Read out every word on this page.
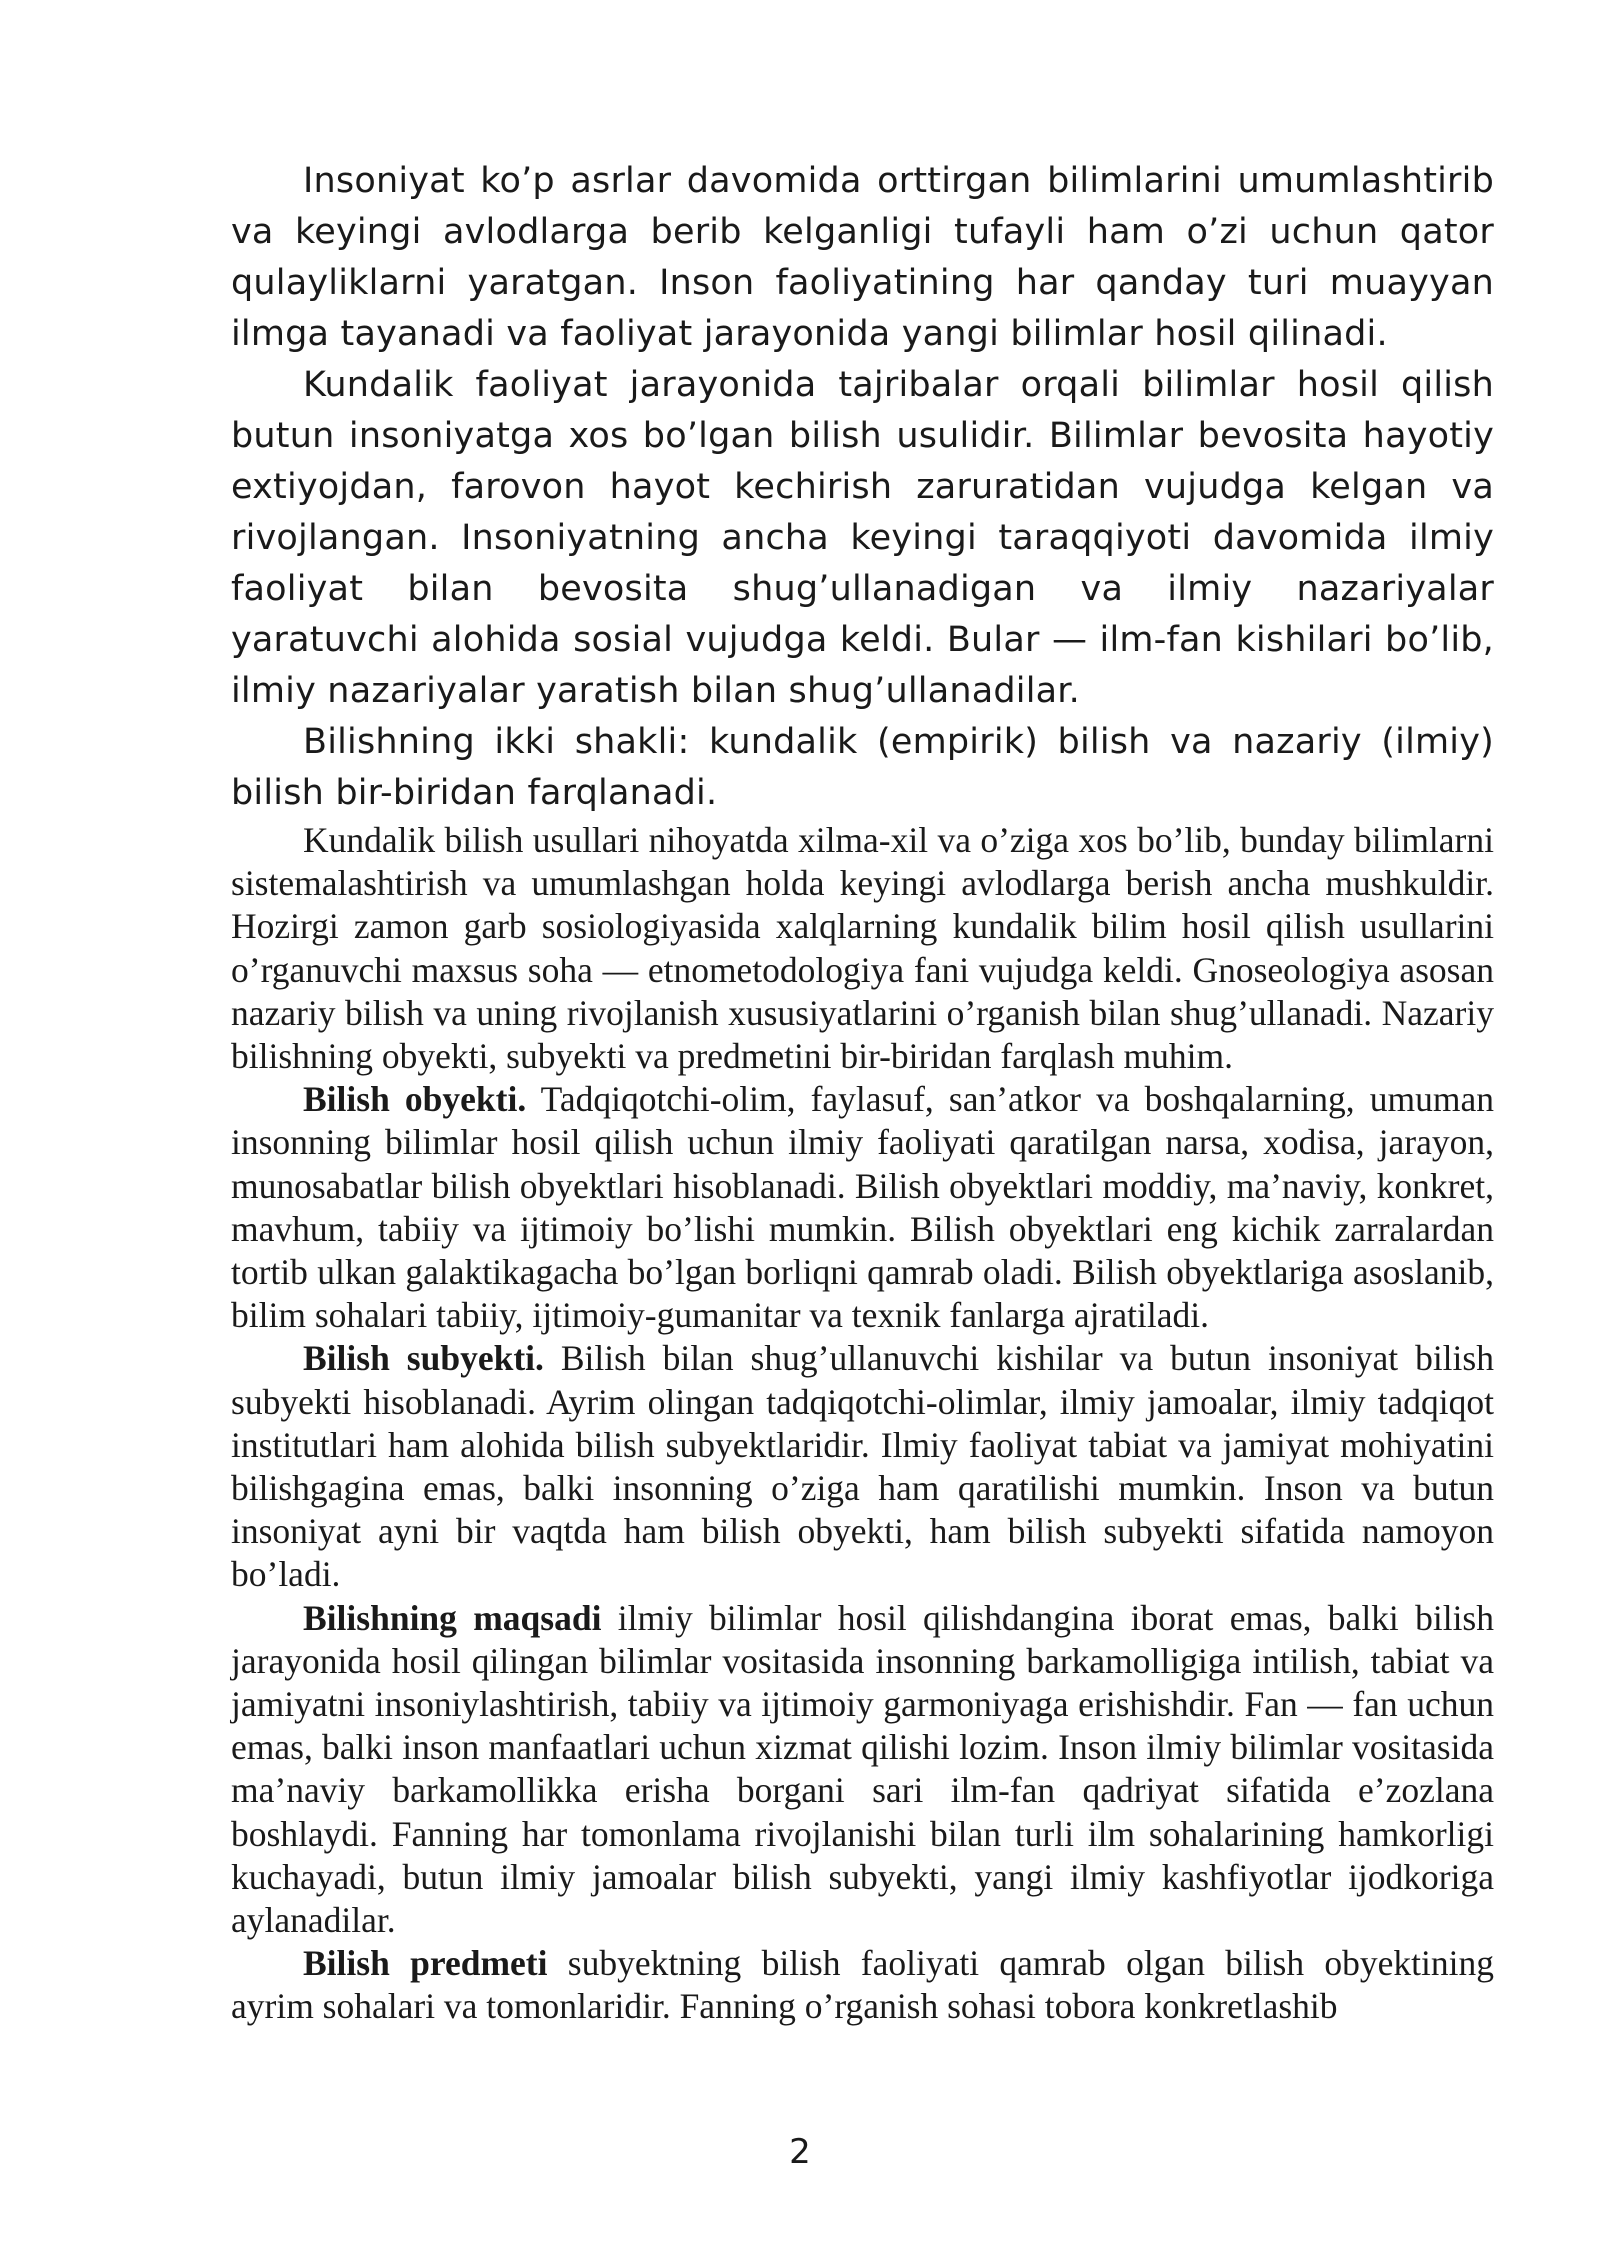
Insoniyat ko’p asrlar davomida orttirgan bilimlarini umumlashtirib va keyingi avlodlarga berib kelganligi tufayli ham o’zi uchun qator qulayliklarni yaratgan. Inson faoliyatining har qanday turi muayyan ilmga tayanadi va faoliyat jarayonida yangi bilimlar hosil qilinadi.

Kundalik faoliyat jarayonida tajribalar orqali bilimlar hosil qilish butun insoniyatga xos bo’lgan bilish usulidir. Bilimlar bevosita hayotiy extiyojdan, farovon hayot kechirish zaruratidan vujudga kelgan va rivojlangan. Insoniyatning ancha keyingi taraqqiyoti davomida ilmiy faoliyat bilan bevosita shug’ullanadigan va ilmiy nazariyalar yaratuvchi alohida sosial vujudga keldi. Bular — ilm-fan kishilari bo’lib, ilmiy nazariyalar yaratish bilan shug’ullanadilar.

Bilishning ikki shakli: kundalik (empirik) bilish va nazariy (ilmiy) bilish bir-biridan farqlanadi.

Kundalik bilish usullari nihoyatda xilma-xil va o’ziga xos bo’lib, bunday bilimlarni sistemalashtirish va umumlashgan holda keyingi avlodlarga berish ancha mushkuldir. Hozirgi zamon garb sosiologiyasida xalqlarning kundalik bilim hosil qilish usullarini o’rganuvchi maxsus soha — etnometodologiya fani vujudga keldi. Gnoseologiya asosan nazariy bilish va uning rivojlanish xususiyatlarini o’rganish bilan shug’ullanadi. Nazariy bilishning obyekti, subyekti va predmetini bir-biridan farqlash muhim.

Bilish obyekti. Tadqiqotchi-olim, faylasuf, san’atkor va boshqalarning, umuman insonning bilimlar hosil qilish uchun ilmiy faoliyati qaratilgan narsa, xodisa, jarayon, munosabatlar bilish obyektlari hisoblanadi. Bilish obyektlari moddiy, ma’naviy, konkret, mavhum, tabiiy va ijtimoiy bo’lishi mumkin. Bilish obyektlari eng kichik zarralardan tortib ulkan galaktikagacha bo’lgan borliqni qamrab oladi. Bilish obyektlariga asoslanib, bilim sohalari tabiiy, ijtimoiy-gumanitar va texnik fanlarga ajratiladi.

Bilish subyekti. Bilish bilan shug’ullanuvchi kishilar va butun insoniyat bilish subyekti hisoblanadi. Ayrim olingan tadqiqotchi-olimlar, ilmiy jamoalar, ilmiy tadqiqot institutlari ham alohida bilish subyektlaridir. Ilmiy faoliyat tabiat va jamiyat mohiyatini bilishgagina emas, balki insonning o’ziga ham qaratilishi mumkin. Inson va butun insoniyat ayni bir vaqtda ham bilish obyekti, ham bilish subyekti sifatida namoyon bo’ladi.

Bilishning maqsadi ilmiy bilimlar hosil qilishdangina iborat emas, balki bilish jarayonida hosil qilingan bilimlar vositasida insonning barkamolligiga intilish, tabiat va jamiyatni insoniylashtirish, tabiiy va ijtimoiy garmoniyaga erishishdir. Fan — fan uchun emas, balki inson manfaatlari uchun xizmat qilishi lozim. Inson ilmiy bilimlar vositasida ma’naviy barkamollikka erisha borgani sari ilm-fan qadriyat sifatida e’zozlana boshlaydi. Fanning har tomonlama rivojlanishi bilan turli ilm sohalarining hamkorligi kuchayadi, butun ilmiy jamoalar bilish subyekti, yangi ilmiy kashfiyotlar ijodkoriga aylanadilar.

Bilish predmeti subyektning bilish faoliyati qamrab olgan bilish obyektining ayrim sohalari va tomonlaridir. Fanning o’rganish sohasi tobora konkretlashib

2
